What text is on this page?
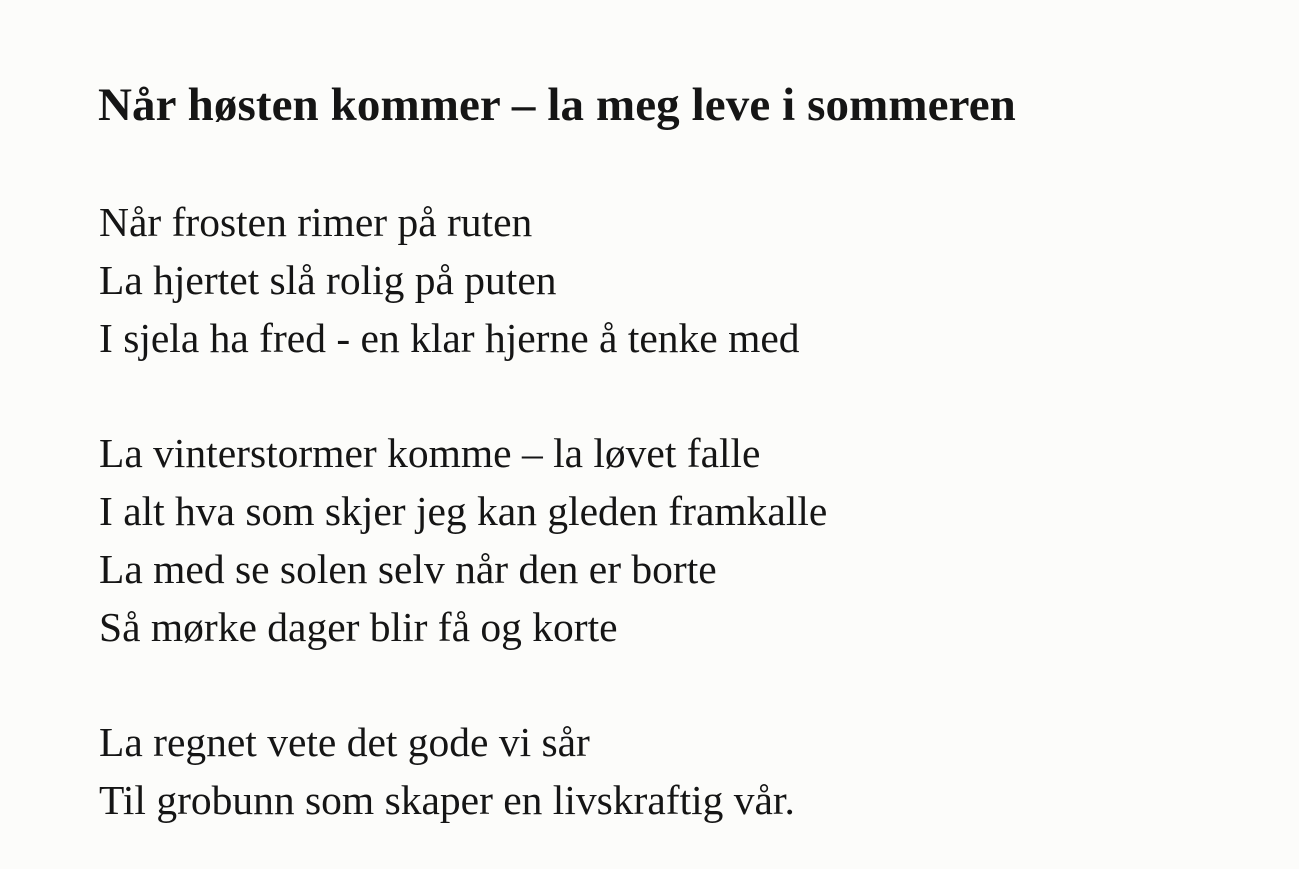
Når høsten kommer – la meg leve i sommeren

Når frosten rimer på ruten

La hjertet slå rolig på puten

I sjela ha fred - en klar hjerne å tenke med

La vinterstormer komme – la løvet falle

I alt hva som skjer jeg kan gleden framkalle

La med se solen selv når den er borte

Så mørke dager blir få og korte

La regnet vete det gode vi sår

Til grobunn som skaper en livskraftig vår.
